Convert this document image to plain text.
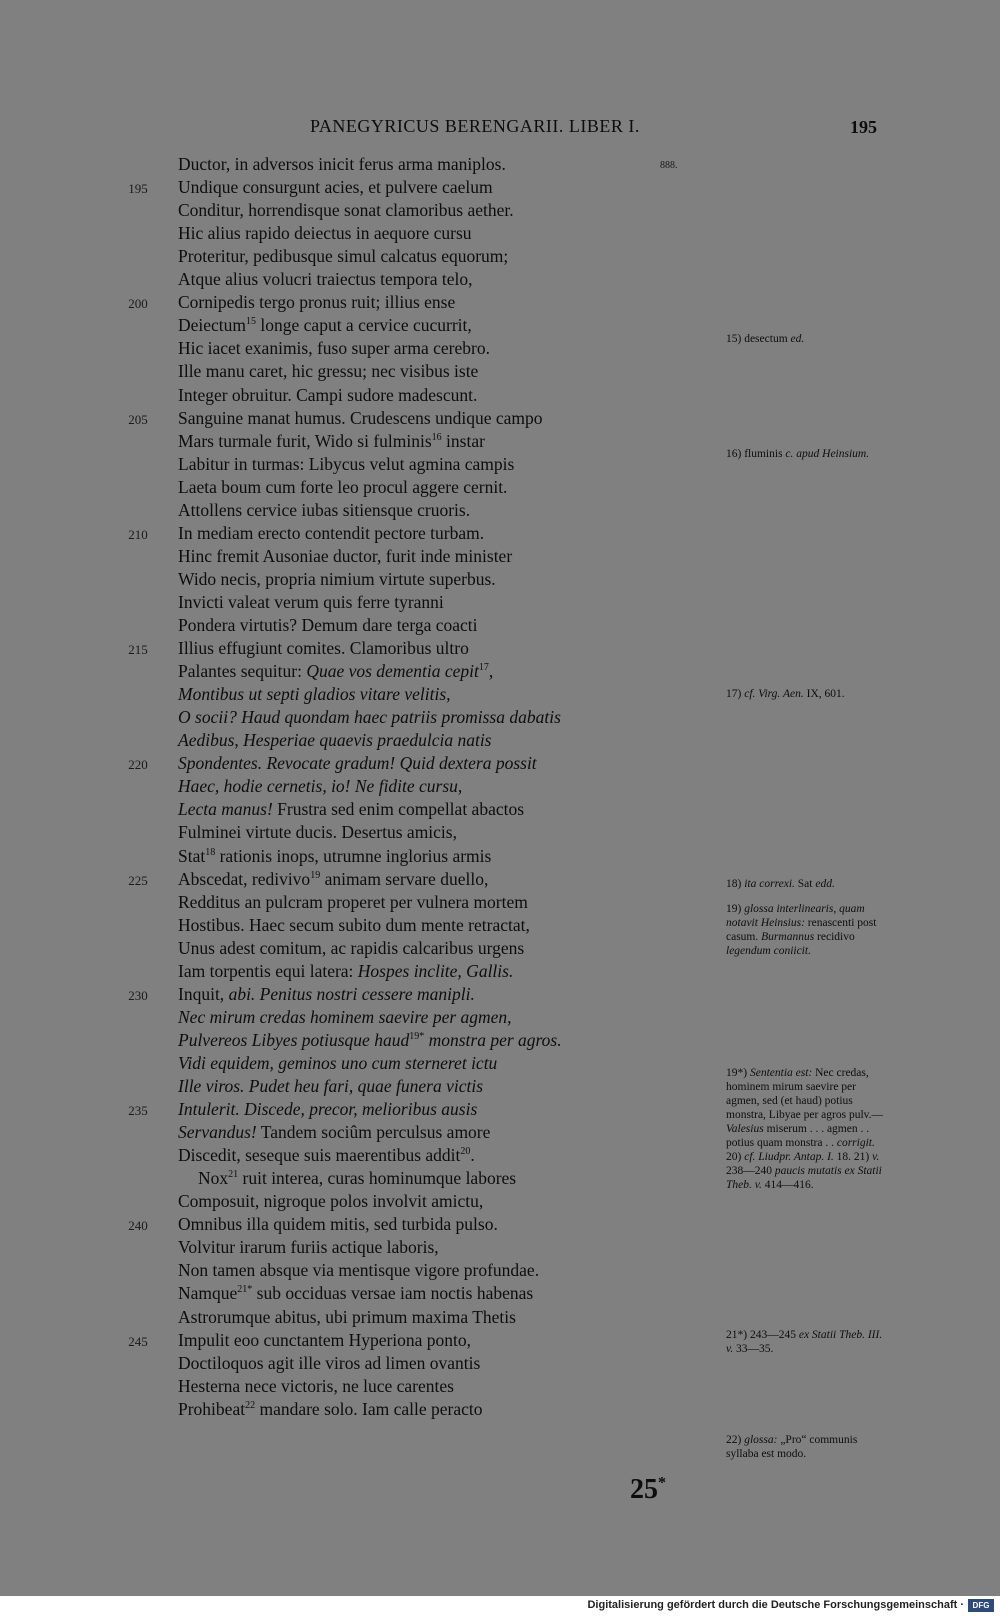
PANEGYRICUS BERENGARII. LIBER I.	195
888.
Ductor, in adversos inicit ferus arma maniplos.
195	Undique consurgunt acies, et pulvere caelum
Conditur, horrendisque sonat clamoribus aether.
Hic alius rapido deiectus in aequore cursu
Proteritur, pedibusque simul calcatus equorum;
Atque alius volucri traiectus tempora telo,
200	Cornipedis tergo pronus ruit; illius ense
Deiectum$^{15}$ longe caput a cervice cucurrit,
Hic iacet exanimis, fuso super arma cerebro.
Ille manu caret, hic gressu; nec visibus iste
Integer obruitur. Campi sudore madescunt.
205	Sanguine manat humus. Crudescens undique campo
Mars turmale furit, Wido si fulminis$^{16}$ instar
Labitur in turmas: Libycus velut agmina campis
Laeta boum cum forte leo procul aggere cernit.
Attollens cervice iubas sitiensque cruoris.
210	In mediam erecto contendit pectore turbam.
Hinc fremit Ausoniae ductor, furit inde minister
Wido necis, propria nimium virtute superbus.
Invicti valeat verum quis ferre tyranni
Pondera virtutis? Demum dare terga coacti
215	Illius effugiunt comites. Clamoribus ultro
Palantes sequitur: Quae vos dementia cepit$^{17}$,
Montibus ut septi gladios vitare velitis,
O socii? Haud quondam haec patriis promissa dabatis
Aedibus, Hesperiae quaevis praedulcia natis
220	Spondentes. Revocate gradum! Quid dextera possit
Haec, hodie cernetis, io! Ne fidite cursu,
Lecta manus! Frustra sed enim compellat abactos
Fulminei virtute ducis. Desertus amicis,
Stat$^{18}$ rationis inops, utrumne inglorius armis
225	Abscedat, redivivo$^{19}$ animam servare duello,
Redditus an pulcram properet per vulnera mortem
Hostibus. Haec secum subito dum mente retractat,
Unus adest comitum, ac rapidis calcaribus urgens
Iam torpentis equi latera: Hospes inclite, Gallis.
230	Inquit, abi. Penitus nostri cessere manipli.
Nec mirum credas hominem saevire per agmen,
Pulvereos Libyes potiusque haud$^{19*}$ monstra per agros.
Vidi equidem, geminos uno cum sterneret ictu
Ille viros. Pudet heu fari, quae funera victis
235	Intulerit. Discede, precor, melioribus ausis
Servandus! Tandem sociûm perculsus amore
Discedit, seseque suis maerentibus addit$^{20}$.
Nox$^{21}$ ruit interea, curas hominumque labores
Composuit, nigroque polos involvit amictu,
240	Omnibus illa quidem mitis, sed turbida pulso.
Volvitur irarum furiis actique laboris,
Non tamen absque via mentisque vigore profundae.
Namque$^{21*}$ sub occiduas versae iam noctis habenas
Astrorumque abitus, ubi primum maxima Thetis
245	Impulit eoo cunctantem Hyperiona ponto,
Doctiloquos agit ille viros ad limen ovantis
Hesterna nece victoris, ne luce carentes
Prohibeat$^{22}$ mandare solo. Iam calle peracto
15) desectum ed.
16) fluminis c. apud Heinsium.
17) cf. Virg. Aen. IX, 601.
18) ita correxi. Sat edd.
19) glossa interlinearis, quam notavit Heinsius: renascenti post casum. Burmannus recidivo legendum coniicit.
19*) Sententia est: Nec credas, hominem mirum saevire per agmen, sed (et haud) potius monstra, Libyae per agros pulv.— Valesius miserum . . . agmen . . potius quam monstra . . corrigit. 20) cf. Liudpr. Antap. I. 18. 21) v. 238—240 paucis mutatis ex Statii Theb. v. 414—416.
21*) 243—245 ex Statii Theb. III. v. 33—35.
22) glossa: „Pro“ communis syllaba est modo.
25*
Digitalisierung gefördert durch die Deutsche Forschungsgemeinschaft ·	DFG
